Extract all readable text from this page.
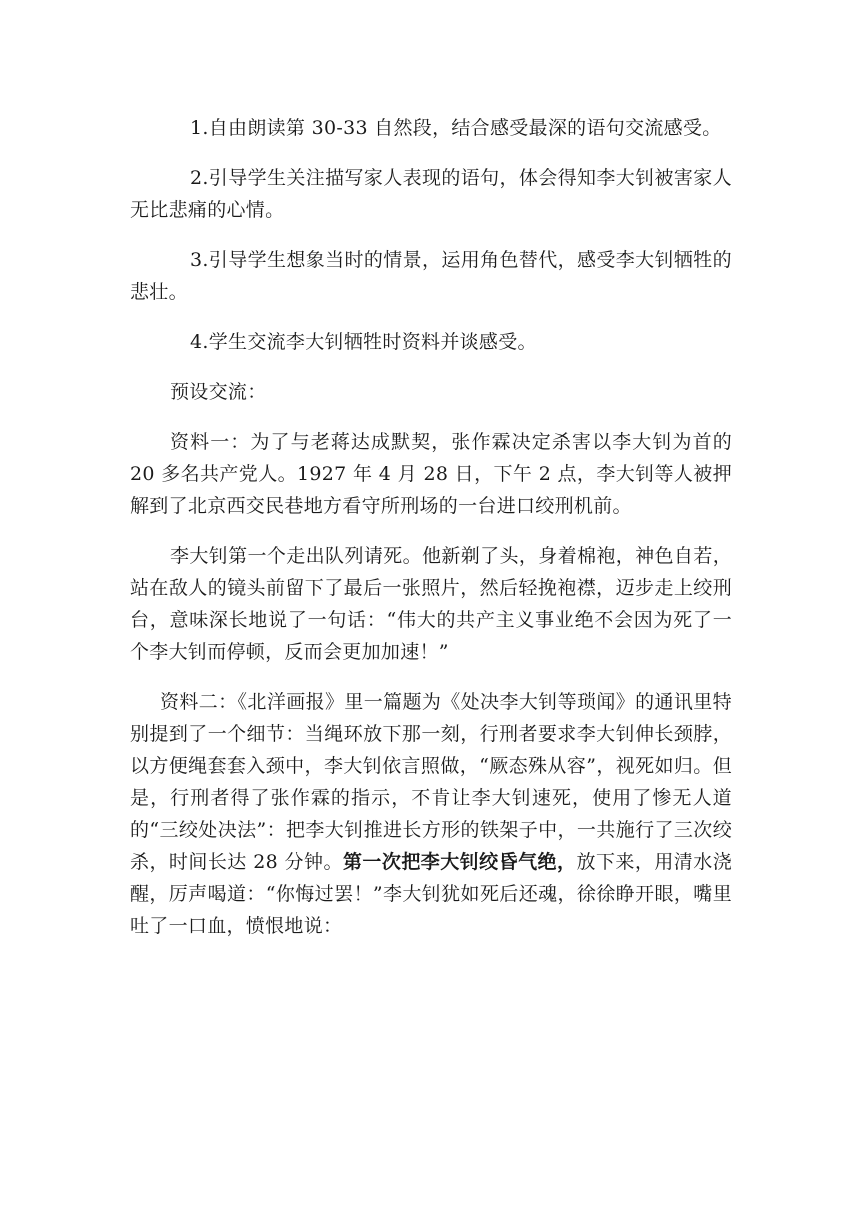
1.自由朗读第 30-33 自然段，结合感受最深的语句交流感受。

2.引导学生关注描写家人表现的语句，体会得知李大钊被害家人无比悲痛的心情。

3.引导学生想象当时的情景，运用角色替代，感受李大钊牺牲的悲壮。

4.学生交流李大钊牺牲时资料并谈感受。

预设交流：

资料一：为了与老蒋达成默契，张作霖决定杀害以李大钊为首的 20 多名共产党人。1927 年 4 月 28 日，下午 2 点，李大钊等人被押解到了北京西交民巷地方看守所刑场的一台进口绞刑机前。

李大钊第一个走出队列请死。他新剃了头，身着棉袍，神色自若，站在敌人的镜头前留下了最后一张照片，然后轻挽袍襟，迈步走上绞刑台，意味深长地说了一句话：“伟大的共产主义事业绝不会因为死了一个李大钊而停顿，反而会更加加速！”

资料二：《北洋画报》里一篇题为《处决李大钊等琐闻》的通讯里特别提到了一个细节：当绳环放下那一刻，行刑者要求李大钊伸长颈脖，以方便绳套套入颈中，李大钊依言照做，“厥态殊从容”，视死如归。但是，行刑者得了张作霖的指示，不肯让李大钊速死，使用了惨无人道的“三绞处决法”：把李大钊推进长方形的铁架子中，一共施行了三次绞杀，时间长达 28 分钟。第一次把李大钊绞昏气绝，放下来，用清水浇醒，厉声喝道：“你悔过罢！”李大钊犹如死后还魂，徐徐睁开眼，嘴里吐了一口血，愤恨地说：
